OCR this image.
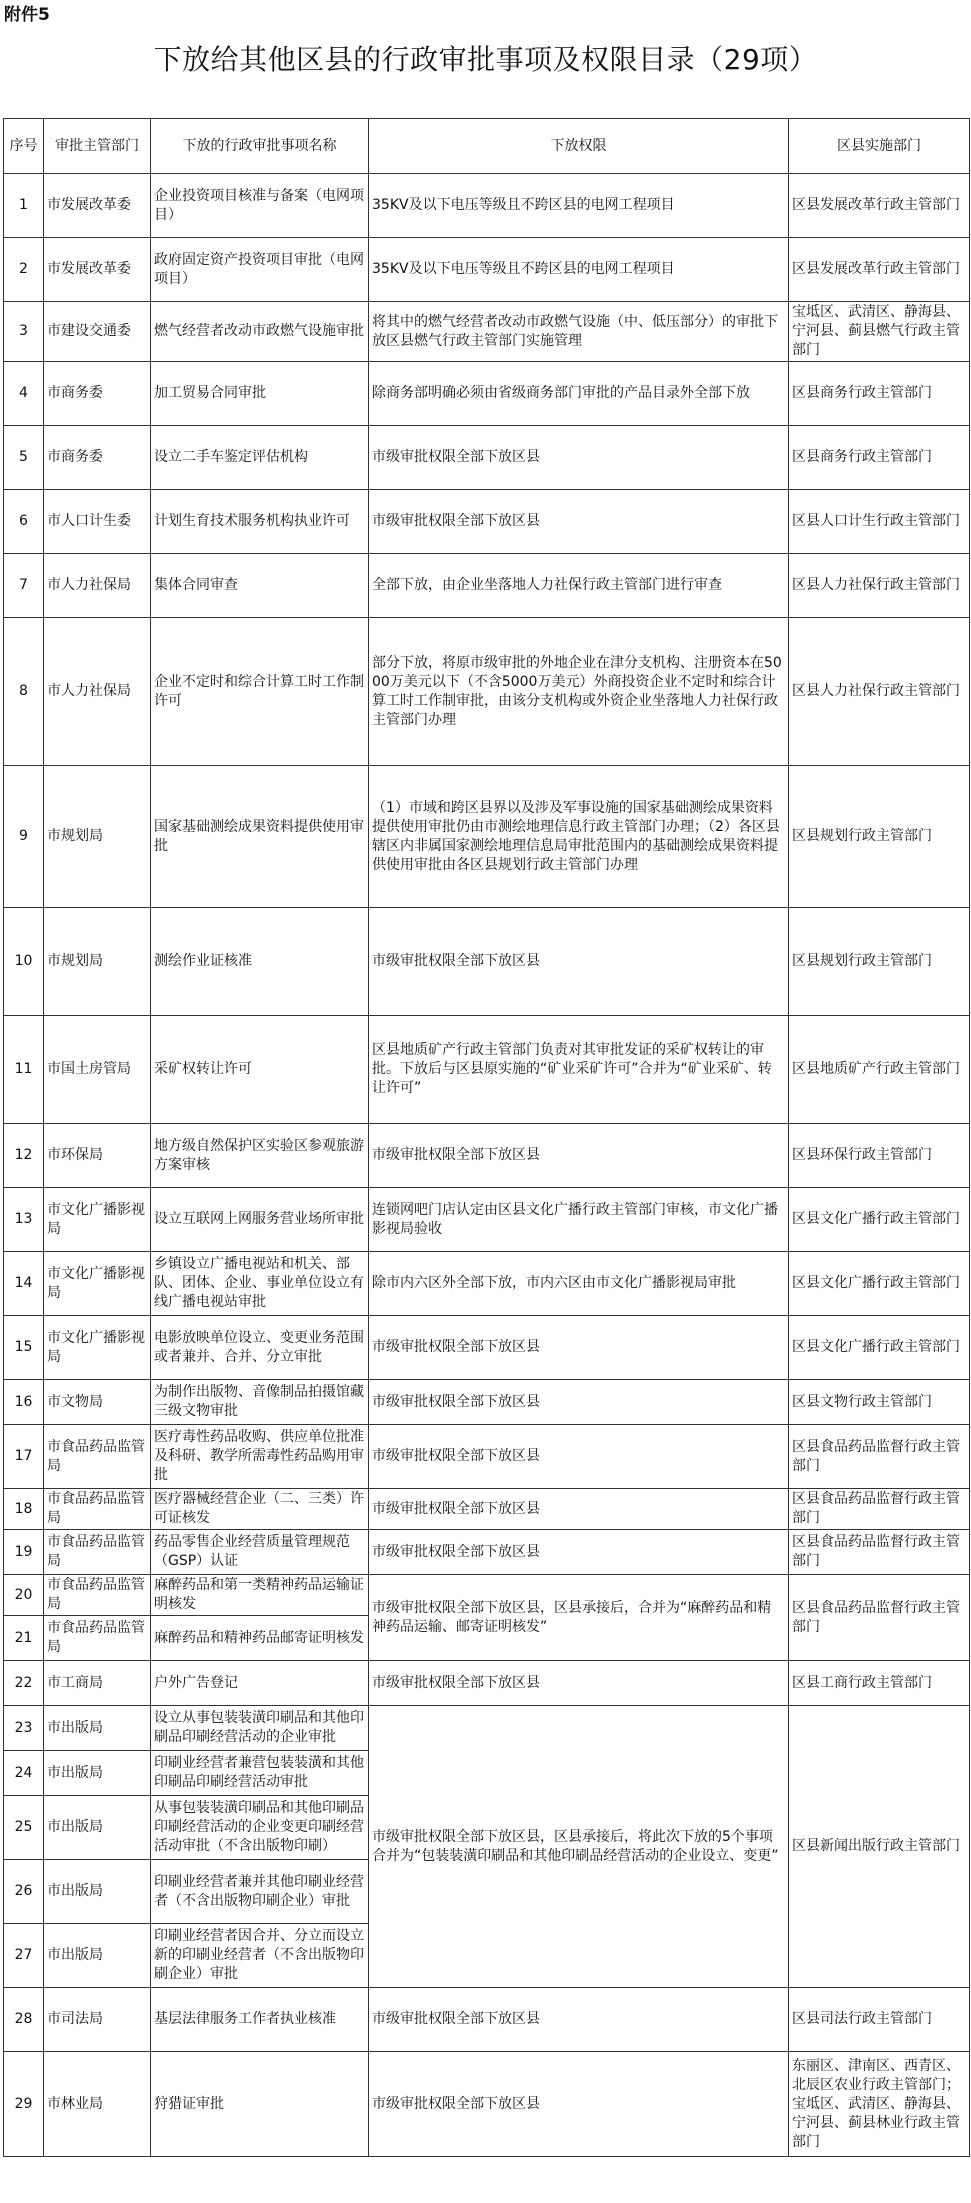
附件5
下放给其他区县的行政审批事项及权限目录（29项）
序号	审批主管部门	下放的行政审批事项名称	下放权限	区县实施部门
1	市发展改革委	企业投资项目核准与备案（电网项目）	35KV及以下电压等级且不跨区县的电网工程项目	区县发展改革行政主管部门
2	市发展改革委	政府固定资产投资项目审批（电网项目）	35KV及以下电压等级且不跨区县的电网工程项目	区县发展改革行政主管部门
3	市建设交通委	燃气经营者改动市政燃气设施审批	将其中的燃气经营者改动市政燃气设施（中、低压部分）的审批下放区县燃气行政主管部门实施管理	宝坻区、武清区、静海县、宁河县、蓟县燃气行政主管部门
4	市商务委	加工贸易合同审批	除商务部明确必须由省级商务部门审批的产品目录外全部下放	区县商务行政主管部门
5	市商务委	设立二手车鉴定评估机构	市级审批权限全部下放区县	区县商务行政主管部门
6	市人口计生委	计划生育技术服务机构执业许可	市级审批权限全部下放区县	区县人口计生行政主管部门
7	市人力社保局	集体合同审查	全部下放，由企业坐落地人力社保行政主管部门进行审查	区县人力社保行政主管部门
8	市人力社保局	企业不定时和综合计算工时工作制许可	部分下放，将原市级审批的外地企业在津分支机构、注册资本在5000万美元以下（不含5000万美元）外商投资企业不定时和综合计算工时工作制审批，由该分支机构或外资企业坐落地人力社保行政主管部门办理	区县人力社保行政主管部门
9	市规划局	国家基础测绘成果资料提供使用审批	（1）市域和跨区县界以及涉及军事设施的国家基础测绘成果资料提供使用审批仍由市测绘地理信息行政主管部门办理；（2）各区县辖区内非属国家测绘地理信息局审批范围内的基础测绘成果资料提供使用审批由各区县规划行政主管部门办理	区县规划行政主管部门
10	市规划局	测绘作业证核准	市级审批权限全部下放区县	区县规划行政主管部门
11	市国土房管局	采矿权转让许可	区县地质矿产行政主管部门负责对其审批发证的采矿权转让的审批。下放后与区县原实施的“矿业采矿许可”合并为“矿业采矿、转让许可”	区县地质矿产行政主管部门
12	市环保局	地方级自然保护区实验区参观旅游方案审核	市级审批权限全部下放区县	区县环保行政主管部门
13	市文化广播影视局	设立互联网上网服务营业场所审批	连锁网吧门店认定由区县文化广播行政主管部门审核，市文化广播影视局验收	区县文化广播行政主管部门
14	市文化广播影视局	乡镇设立广播电视站和机关、部队、团体、企业、事业单位设立有线广播电视站审批	除市内六区外全部下放，市内六区由市文化广播影视局审批	区县文化广播行政主管部门
15	市文化广播影视局	电影放映单位设立、变更业务范围或者兼并、合并、分立审批	市级审批权限全部下放区县	区县文化广播行政主管部门
16	市文物局	为制作出版物、音像制品拍摄馆藏三级文物审批	市级审批权限全部下放区县	区县文物行政主管部门
17	市食品药品监管局	医疗毒性药品收购、供应单位批准及科研、教学所需毒性药品购用审批	市级审批权限全部下放区县	区县食品药品监督行政主管部门
18	市食品药品监管局	医疗器械经营企业（二、三类）许可证核发	市级审批权限全部下放区县	区县食品药品监督行政主管部门
19	市食品药品监管局	药品零售企业经营质量管理规范（GSP）认证	市级审批权限全部下放区县	区县食品药品监督行政主管部门
20	市食品药品监管局	麻醉药品和第一类精神药品运输证明核发	市级审批权限全部下放区县，区县承接后，合并为“麻醉药品和精神药品运输、邮寄证明核发”	区县食品药品监督行政主管部门
21	市食品药品监管局	麻醉药品和精神药品邮寄证明核发		
22	市工商局	户外广告登记	市级审批权限全部下放区县	区县工商行政主管部门
23	市出版局	设立从事包装装潢印刷品和其他印刷品印刷经营活动的企业审批	市级审批权限全部下放区县，区县承接后，将此次下放的5个事项合并为“包装装潢印刷品和其他印刷品经营活动的企业设立、变更”	区县新闻出版行政主管部门
24	市出版局	印刷业经营者兼营包装装潢和其他印刷品印刷经营活动审批		
25	市出版局	从事包装装潢印刷品和其他印刷品印刷经营活动的企业变更印刷经营活动审批（不含出版物印刷）		
26	市出版局	印刷业经营者兼并其他印刷业经营者（不含出版物印刷企业）审批		
27	市出版局	印刷业经营者因合并、分立而设立新的印刷业经营者（不含出版物印刷企业）审批		
28	市司法局	基层法律服务工作者执业核准	市级审批权限全部下放区县	区县司法行政主管部门
29	市林业局	狩猎证审批	市级审批权限全部下放区县	东丽区、津南区、西青区、北辰区农业行政主管部门；宝坻区、武清区、静海县、宁河县、蓟县林业行政主管部门
